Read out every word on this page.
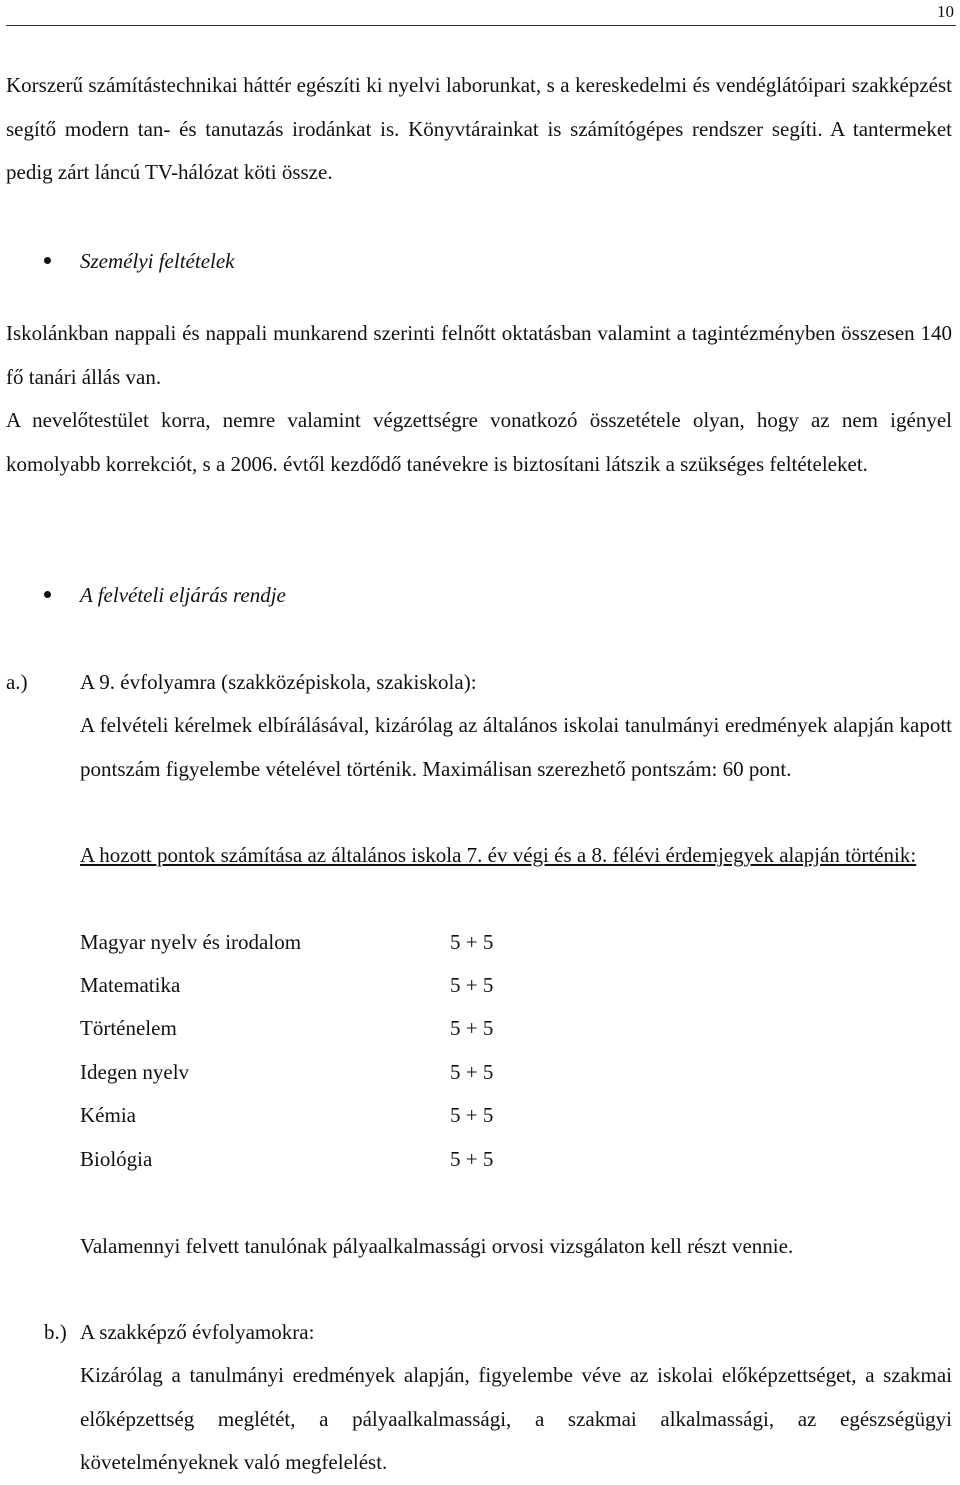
10
Korszerű számítástechnikai háttér egészíti ki nyelvi laborunkat, s a kereskedelmi és vendéglátóipari szakképzést segítő modern tan- és tanutazás irodánkat is. Könyvtárainkat is számítógépes rendszer segíti. A tantermeket pedig zárt láncú TV-hálózat köti össze.
Személyi feltételek
Iskolánkban nappali és nappali munkarend szerinti felnőtt oktatásban valamint a tagintézményben összesen 140 fő tanári állás van.
A nevelőtestület korra, nemre valamint végzettségre vonatkozó összetétele olyan, hogy az nem igényel komolyabb korrekciót, s a 2006. évtől kezdődő tanévekre is biztosítani látszik a szükséges feltételeket.
A felvételi eljárás rendje
a.) A 9. évfolyamra (szakközépiskola, szakiskola):
A felvételi kérelmek elbírálásával, kizárólag az általános iskolai tanulmányi eredmények alapján kapott pontszám figyelembe vételével történik. Maximálisan szerezhető pontszám: 60 pont.
A hozott pontok számítása az általános iskola 7. év végi és a 8. félévi érdemjegyek alapján történik:
Magyar nyelv és irodalom	5 + 5
Matematika	5 + 5
Történelem	5 + 5
Idegen nyelv	5 + 5
Kémia	5 + 5
Biológia	5 + 5
Valamennyi felvett tanulónak pályaalkalmassági orvosi vizsgálaton kell részt vennie.
b.) A szakképző évfolyamokra:
Kizárólag a tanulmányi eredmények alapján, figyelembe véve az iskolai előképzettséget, a szakmai előképzettség meglétét, a pályaalkalmassági, a szakmai alkalmassági, az egészségügyi követelményeknek való megfelelést.
